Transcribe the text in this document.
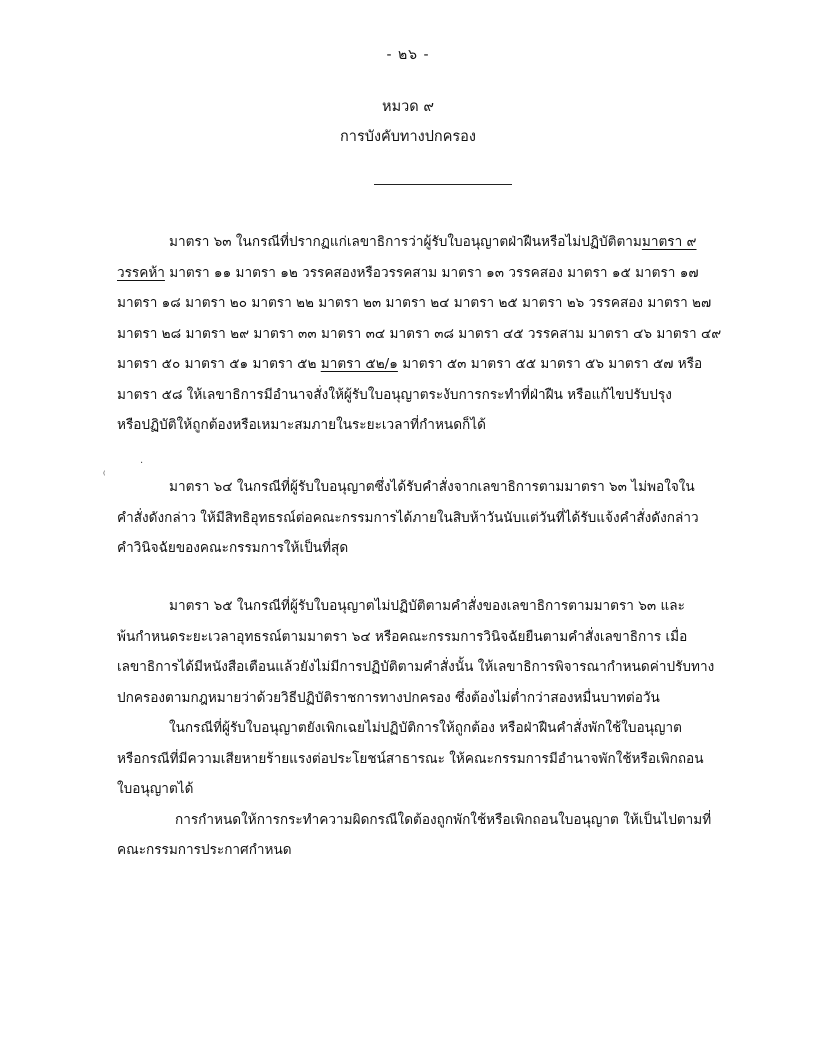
- ๒๖ -
หมวด ๙
การบังคับทางปกครอง
มาตรา ๖๓ ในกรณีที่ปรากฏแก่เลขาธิการว่าผู้รับใบอนุญาตฝ่าฝืนหรือไม่ปฏิบัติตามมาตรา ๙
วรรคห้า มาตรา ๑๑ มาตรา ๑๒ วรรคสองหรือวรรคสาม มาตรา ๑๓ วรรคสอง มาตรา ๑๕ มาตรา ๑๗
มาตรา ๑๘ มาตรา ๒๐ มาตรา ๒๒ มาตรา ๒๓ มาตรา ๒๔ มาตรา ๒๕ มาตรา ๒๖ วรรคสอง มาตรา ๒๗
มาตรา ๒๘ มาตรา ๒๙ มาตรา ๓๓ มาตรา ๓๔ มาตรา ๓๘ มาตรา ๔๕ วรรคสาม มาตรา ๔๖ มาตรา ๔๙
มาตรา ๕๐ มาตรา ๕๑ มาตรา ๕๒ มาตรา ๕๒/๑ มาตรา ๕๓ มาตรา ๕๕ มาตรา ๕๖ มาตรา ๕๗ หรือ
มาตรา ๕๘ ให้เลขาธิการมีอำนาจสั่งให้ผู้รับใบอนุญาตระงับการกระทำที่ฝ่าฝืน หรือแก้ไขปรับปรุง
หรือปฏิบัติให้ถูกต้องหรือเหมาะสมภายในระยะเวลาที่กำหนดก็ได้
⁽
·
มาตรา ๖๔ ในกรณีที่ผู้รับใบอนุญาตซึ่งได้รับคำสั่งจากเลขาธิการตามมาตรา ๖๓ ไม่พอใจใน
คำสั่งดังกล่าว ให้มีสิทธิอุทธรณ์ต่อคณะกรรมการได้ภายในสิบห้าวันนับแต่วันที่ได้รับแจ้งคำสั่งดังกล่าว
คำวินิจฉัยของคณะกรรมการให้เป็นที่สุด
มาตรา ๖๕ ในกรณีที่ผู้รับใบอนุญาตไม่ปฏิบัติตามคำสั่งของเลขาธิการตามมาตรา ๖๓ และ
พ้นกำหนดระยะเวลาอุทธรณ์ตามมาตรา ๖๔ หรือคณะกรรมการวินิจฉัยยืนตามคำสั่งเลขาธิการ เมื่อ
เลขาธิการได้มีหนังสือเตือนแล้วยังไม่มีการปฏิบัติตามคำสั่งนั้น ให้เลขาธิการพิจารณากำหนดค่าปรับทาง
ปกครองตามกฎหมายว่าด้วยวิธีปฏิบัติราชการทางปกครอง ซึ่งต้องไม่ต่ำกว่าสองหมื่นบาทต่อวัน
ในกรณีที่ผู้รับใบอนุญาตยังเพิกเฉยไม่ปฏิบัติการให้ถูกต้อง หรือฝ่าฝืนคำสั่งพักใช้ใบอนุญาต
หรือกรณีที่มีความเสียหายร้ายแรงต่อประโยชน์สาธารณะ ให้คณะกรรมการมีอำนาจพักใช้หรือเพิกถอน
ใบอนุญาตได้
การกำหนดให้การกระทำความผิดกรณีใดต้องถูกพักใช้หรือเพิกถอนใบอนุญาต ให้เป็นไปตามที่
คณะกรรมการประกาศกำหนด
